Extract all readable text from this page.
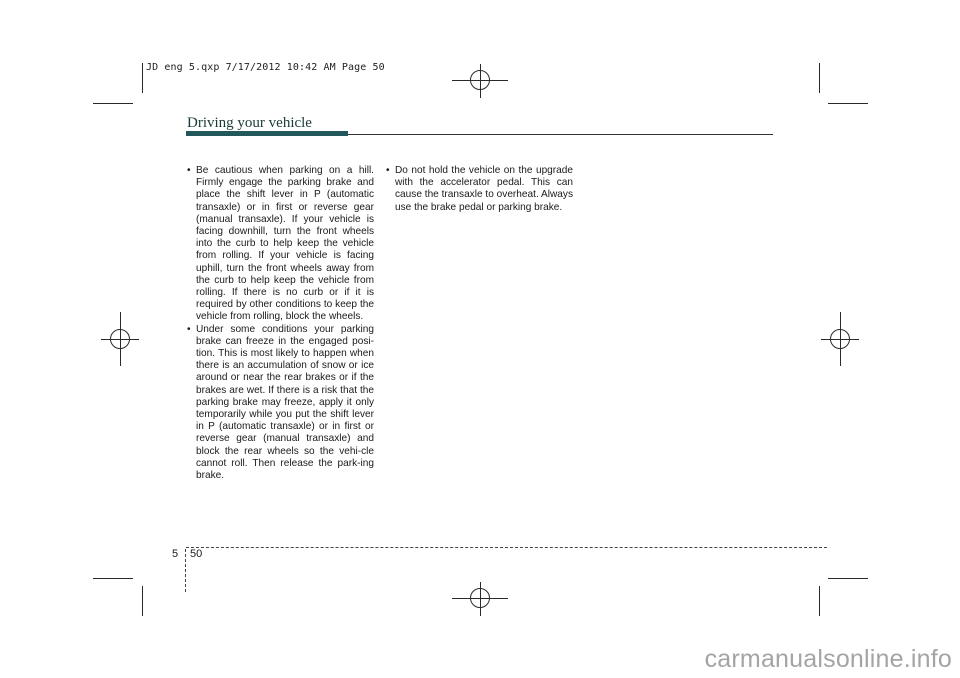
JD eng 5.qxp 7/17/2012 10:42 AM Page 50
Driving your vehicle

• Be cautious when parking on a hill. Firmly engage the parking brake and place the shift lever in P (automatic transaxle) or in first or reverse gear (manual transaxle). If your vehicle is facing downhill, turn the front wheels into the curb to help keep the vehicle from rolling. If your vehicle is facing uphill, turn the front wheels away from the curb to help keep the vehicle from rolling. If there is no curb or if it is required by other conditions to keep the vehicle from rolling, block the wheels.

• Under some conditions your parking brake can freeze in the engaged posi-tion. This is most likely to happen when there is an accumulation of snow or ice around or near the rear brakes or if the brakes are wet. If there is a risk that the parking brake may freeze, apply it only temporarily while you put the shift lever in P (automatic transaxle) or in first or reverse gear (manual transaxle) and block the rear wheels so the vehi-cle cannot roll. Then release the park-ing brake.

• Do not hold the vehicle on the upgrade with the accelerator pedal. This can cause the transaxle to overheat. Always use the brake pedal or parking brake.

5 50
carmanualsonline.info
